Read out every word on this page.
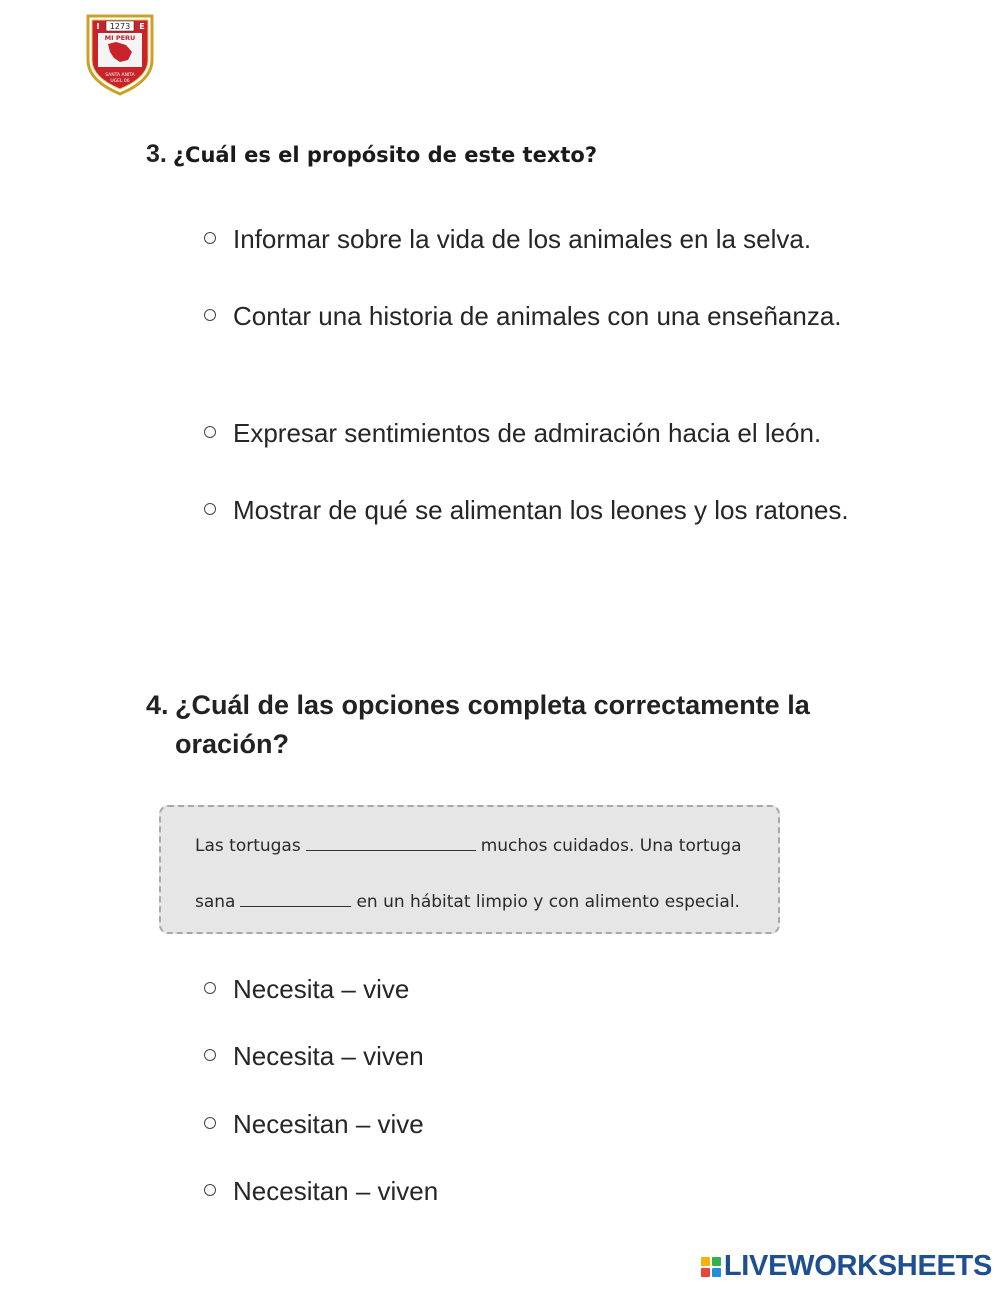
1273
I	E
MI PERU
SANTA ANITA
UGEL 06
3. ¿Cuál es el propósito de este texto?
Informar sobre la vida de los animales en la selva.
Contar una historia de animales con una enseñanza.
Expresar sentimientos de admiración hacia el león.
Mostrar de qué se alimentan los leones y los ratones.
4. ¿Cuál de las opciones completa correctamente la oración?
Las tortugas	muchos cuidados. Una tortuga
sana	en un hábitat limpio y con alimento especial.
Necesita – vive
Necesita – viven
Necesitan – vive
Necesitan – viven
LIVEWORKSHEETS
